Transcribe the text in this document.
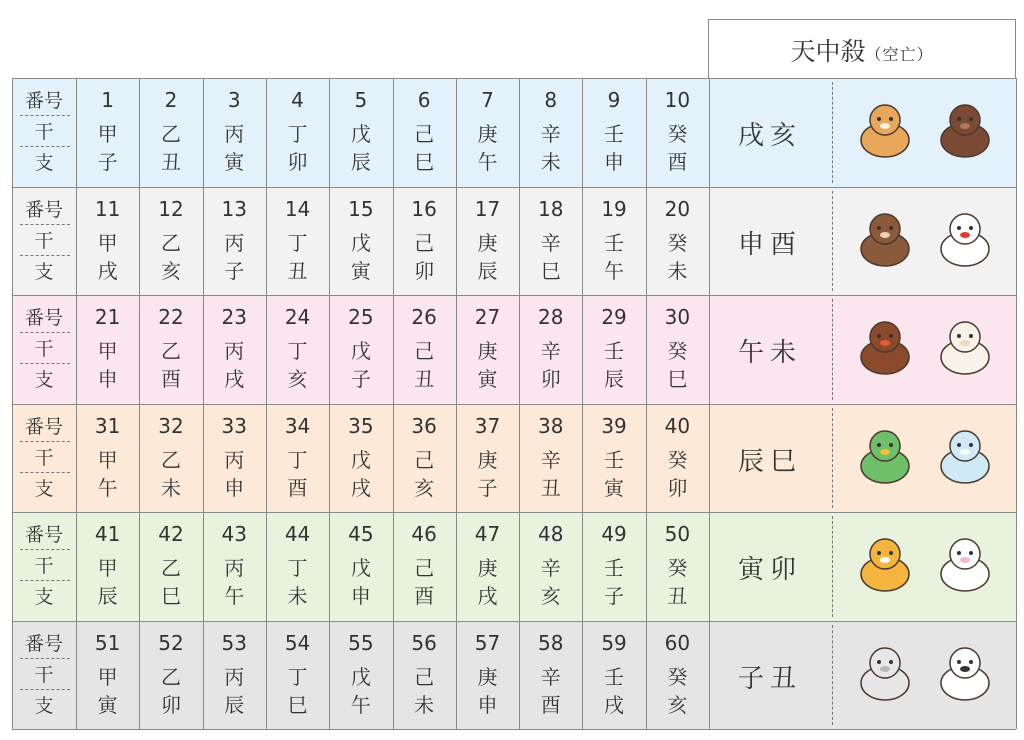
天中殺（空亡）
番号
干
支
1
甲
子
2
乙
丑
3
丙
寅
4
丁
卯
5
戊
辰
6
己
巳
7
庚
午
8
辛
未
9
壬
申
10
癸
酉
戌亥
番号
干
支
11
甲
戌
12
乙
亥
13
丙
子
14
丁
丑
15
戊
寅
16
己
卯
17
庚
辰
18
辛
巳
19
壬
午
20
癸
未
申酉
番号
干
支
21
甲
申
22
乙
酉
23
丙
戌
24
丁
亥
25
戊
子
26
己
丑
27
庚
寅
28
辛
卯
29
壬
辰
30
癸
巳
午未
番号
干
支
31
甲
午
32
乙
未
33
丙
申
34
丁
酉
35
戊
戌
36
己
亥
37
庚
子
38
辛
丑
39
壬
寅
40
癸
卯
辰巳
番号
干
支
41
甲
辰
42
乙
巳
43
丙
午
44
丁
未
45
戊
申
46
己
酉
47
庚
戌
48
辛
亥
49
壬
子
50
癸
丑
寅卯
番号
干
支
51
甲
寅
52
乙
卯
53
丙
辰
54
丁
巳
55
戊
午
56
己
未
57
庚
申
58
辛
酉
59
壬
戌
60
癸
亥
子丑
